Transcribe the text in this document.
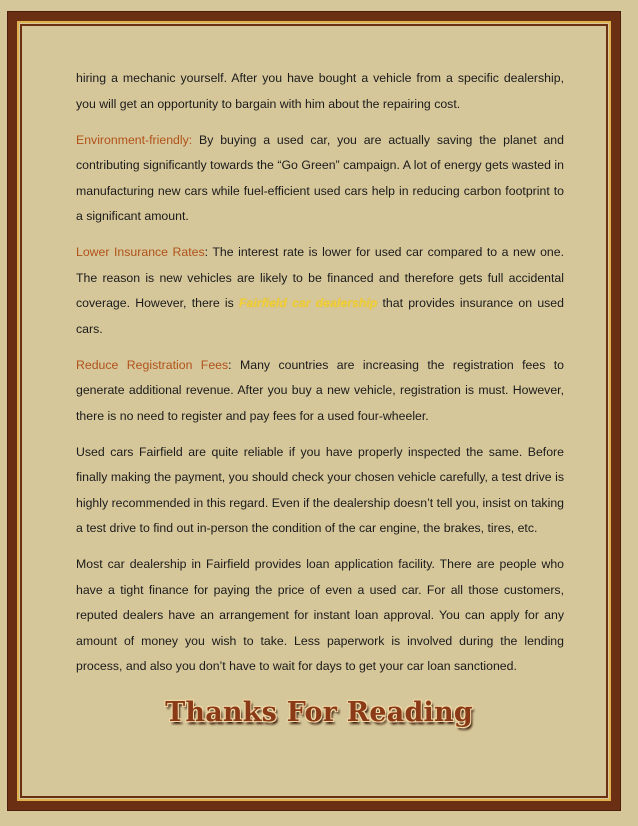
hiring a mechanic yourself. After you have bought a vehicle from a specific dealership, you will get an opportunity to bargain with him about the repairing cost.

Environment-friendly: By buying a used car, you are actually saving the planet and contributing significantly towards the “Go Green” campaign. A lot of energy gets wasted in manufacturing new cars while fuel-efficient used cars help in reducing carbon footprint to a significant amount.

Lower Insurance Rates: The interest rate is lower for used car compared to a new one. The reason is new vehicles are likely to be financed and therefore gets full accidental coverage. However, there is Fairfield car dealership that provides insurance on used cars.

Reduce Registration Fees: Many countries are increasing the registration fees to generate additional revenue. After you buy a new vehicle, registration is must. However, there is no need to register and pay fees for a used four-wheeler.

Used cars Fairfield are quite reliable if you have properly inspected the same. Before finally making the payment, you should check your chosen vehicle carefully, a test drive is highly recommended in this regard. Even if the dealership doesn’t tell you, insist on taking a test drive to find out in-person the condition of the car engine, the brakes, tires, etc.

Most car dealership in Fairfield provides loan application facility. There are people who have a tight finance for paying the price of even a used car. For all those customers, reputed dealers have an arrangement for instant loan approval. You can apply for any amount of money you wish to take. Less paperwork is involved during the lending process, and also you don’t have to wait for days to get your car loan sanctioned.

Thanks For Reading
